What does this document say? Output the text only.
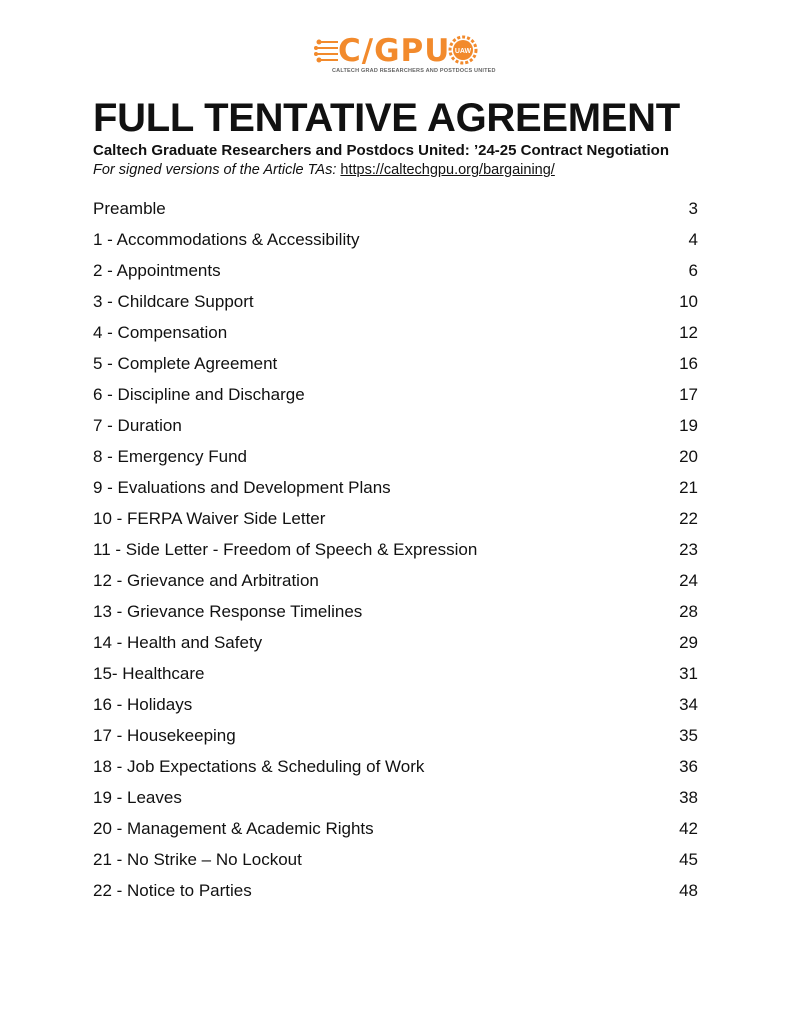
C/GPU UAW
CALTECH GRAD RESEARCHERS AND POSTDOCS UNITED
FULL TENTATIVE AGREEMENT
Caltech Graduate Researchers and Postdocs United: ’24-25 Contract Negotiation
For signed versions of the Article TAs: https://caltechgpu.org/bargaining/
Preamble	3
1 - Accommodations & Accessibility	4
2 - Appointments	6
3 - Childcare Support	10
4 - Compensation	12
5 - Complete Agreement	16
6 - Discipline and Discharge	17
7 - Duration	19
8 - Emergency Fund	20
9 - Evaluations and Development Plans	21
10 - FERPA Waiver Side Letter	22
11 - Side Letter - Freedom of Speech & Expression	23
12 - Grievance and Arbitration	24
13 - Grievance Response Timelines	28
14 - Health and Safety	29
15- Healthcare	31
16 - Holidays	34
17 - Housekeeping	35
18 - Job Expectations & Scheduling of Work	36
19 - Leaves	38
20 - Management & Academic Rights	42
21 - No Strike – No Lockout	45
22 - Notice to Parties	48
